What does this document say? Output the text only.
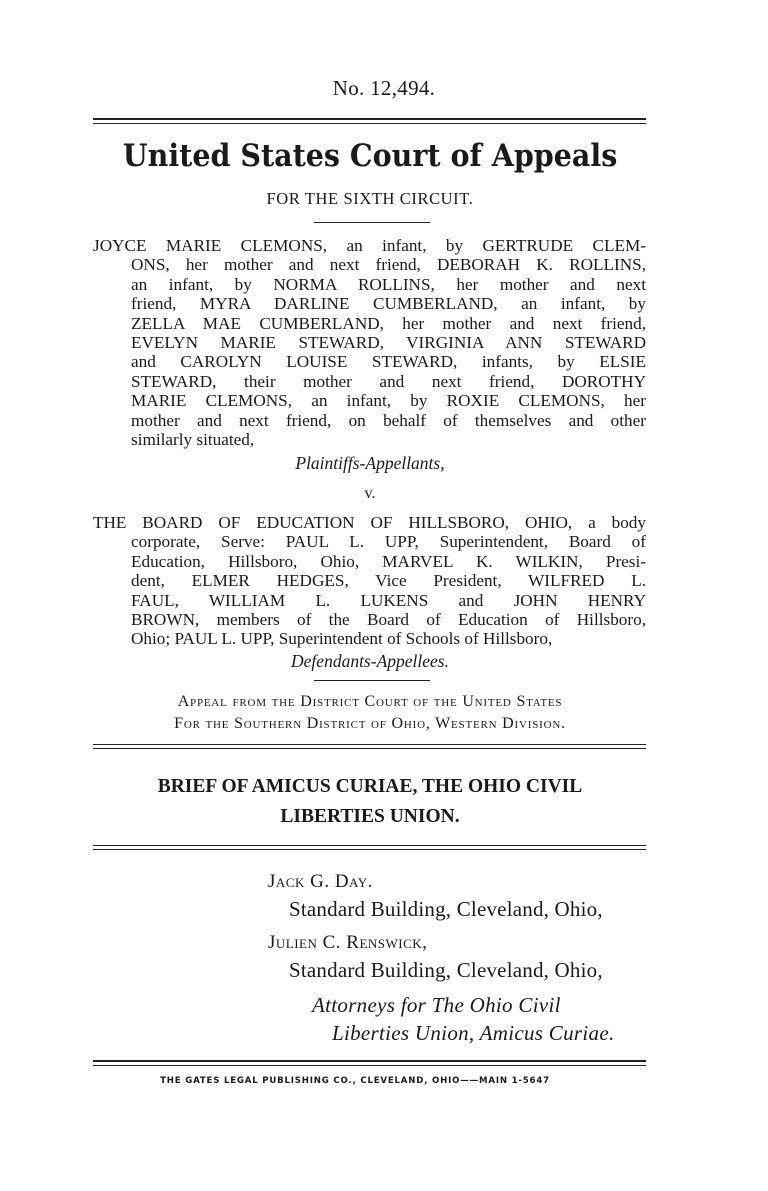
No. 12,494.
United States Court of Appeals
FOR THE SIXTH CIRCUIT.
JOYCE MARIE CLEMONS, an infant, by GERTRUDE CLEM-
ONS, her mother and next friend, DEBORAH K. ROLLINS,
an infant, by NORMA ROLLINS, her mother and next
friend, MYRA DARLINE CUMBERLAND, an infant, by
ZELLA MAE CUMBERLAND, her mother and next friend,
EVELYN MARIE STEWARD, VIRGINIA ANN STEWARD
and CAROLYN LOUISE STEWARD, infants, by ELSIE
STEWARD, their mother and next friend, DOROTHY
MARIE CLEMONS, an infant, by ROXIE CLEMONS, her
mother and next friend, on behalf of themselves and other
similarly situated,
Plaintiffs-Appellants,
v.
THE BOARD OF EDUCATION OF HILLSBORO, OHIO, a body
corporate, Serve: PAUL L. UPP, Superintendent, Board of
Education, Hillsboro, Ohio, MARVEL K. WILKIN, Presi-
dent, ELMER HEDGES, Vice President, WILFRED L.
FAUL, WILLIAM L. LUKENS and JOHN HENRY
BROWN, members of the Board of Education of Hillsboro,
Ohio; PAUL L. UPP, Superintendent of Schools of Hillsboro,
Defendants-Appellees.
Appeal from the District Court of the United States
For the Southern District of Ohio, Western Division.
BRIEF OF AMICUS CURIAE, THE OHIO CIVIL
LIBERTIES UNION.
Jack G. Day.
Standard Building, Cleveland, Ohio,
Julien C. Renswick,
Standard Building, Cleveland, Ohio,
Attorneys for The Ohio Civil
Liberties Union, Amicus Curiae.
THE GATES LEGAL PUBLISHING CO., CLEVELAND, OHIO——MAIN 1-5647
